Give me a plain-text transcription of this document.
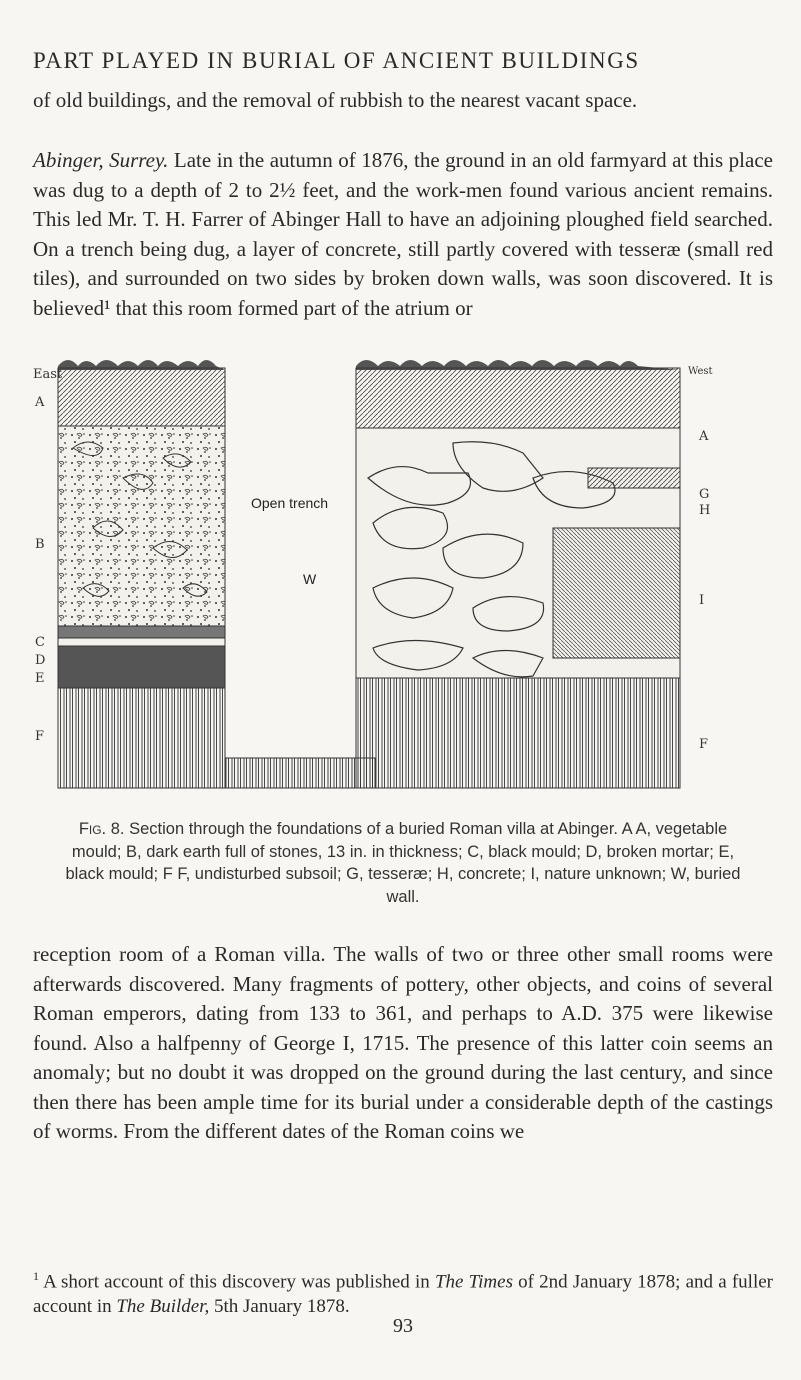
PART PLAYED IN BURIAL OF ANCIENT BUILDINGS

of old buildings, and the removal of rubbish to the nearest vacant space.

Abinger, Surrey. Late in the autumn of 1876, the ground in an old farmyard at this place was dug to a depth of 2 to 2½ feet, and the work-men found various ancient remains. This led Mr. T. H. Farrer of Abinger Hall to have an adjoining ploughed field searched. On a trench being dug, a layer of concrete, still partly covered with tesseræ (small red tiles), and surrounded on two sides by broken down walls, was soon discovered. It is believed¹ that this room formed part of the atrium or

East
A
B
C
D
E
F
West
A
G
H
I
F
Open trench
W
Fig. 8. Section through the foundations of a buried Roman villa at Abinger. A A, vegetable mould; B, dark earth full of stones, 13 in. in thickness; C, black mould; D, broken mortar; E, black mould; F F, undisturbed subsoil; G, tesseræ; H, concrete; I, nature unknown; W, buried wall.

reception room of a Roman villa. The walls of two or three other small rooms were afterwards discovered. Many fragments of pottery, other objects, and coins of several Roman emperors, dating from 133 to 361, and perhaps to A.D. 375 were likewise found. Also a halfpenny of George I, 1715. The presence of this latter coin seems an anomaly; but no doubt it was dropped on the ground during the last century, and since then there has been ample time for its burial under a considerable depth of the castings of worms. From the different dates of the Roman coins we

$^1$ A short account of this discovery was published in The Times of 2nd January 1878; and a fuller account in The Builder, 5th January 1878.
93
